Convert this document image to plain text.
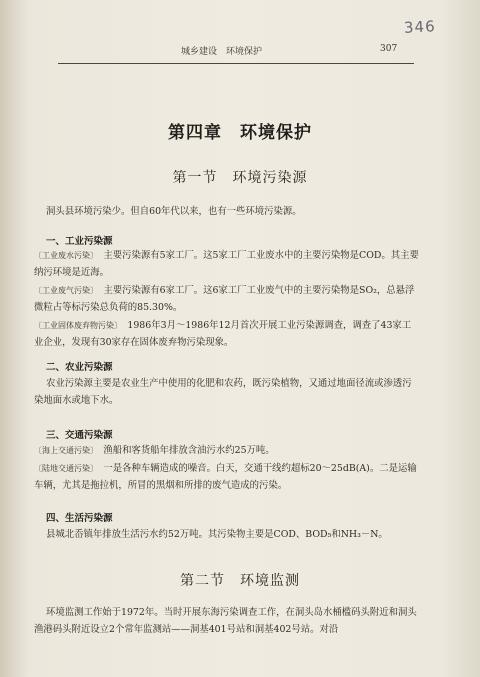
346
城乡建设　环境保护	307
第四章　环境保护
第一节　环境污染源
洞头县环境污染少。但自60年代以来，也有一些环境污染源。
一、工业污染源
〔工业废水污染〕　主要污染源有5家工厂。这5家工厂工业废水中的主要污染物是COD。其主要纳污环境是近海。
〔工业废气污染〕　主要污染源有6家工厂。这6家工厂工业废气中的主要污染物是SO₂，总悬浮微粒占等标污染总负荷的85.30%。
〔工业固体废弃物污染〕　1986年3月～1986年12月首次开展工业污染源调查，调查了43家工业企业，发现有30家存在固体废弃物污染现象。
二、农业污染源
农业污染源主要是农业生产中使用的化肥和农药，既污染植物，又通过地面径流或渗透污染地面水或地下水。
三、交通污染源
〔海上交通污染〕　渔船和客货船年排放含油污水约25万吨。
〔陆地交通污染〕　一是各种车辆造成的噪音。白天，交通干线约超标20～25dB(A)。二是运输车辆，尤其是拖拉机，所冒的黑烟和所排的废气造成的污染。
四、生活污染源
县城北岙镇年排放生活污水约52万吨。其污染物主要是COD、BOD₅和NH₃－N。
第二节　环境监测
环境监测工作始于1972年。当时开展东海污染调查工作，在洞头岛水桶槛码头附近和洞头渔港码头附近设立2个常年监测站——洞基401号站和洞基402号站。对沿
